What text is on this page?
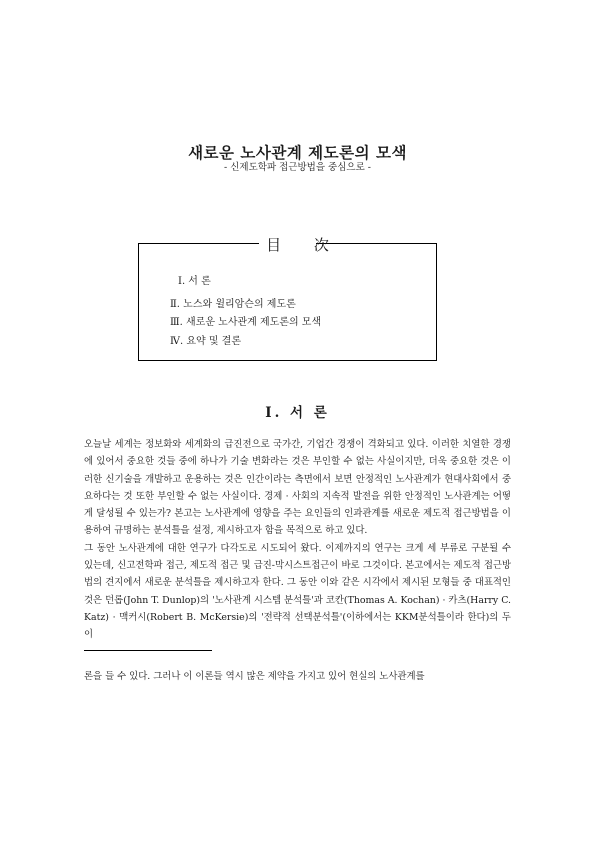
새로운 노사관계 제도론의 모색
- 신제도학파 접근방법을 중심으로 -
目 次
Ⅰ. 서 론
Ⅱ. 노스와 윌리암슨의 제도론
Ⅲ. 새로운 노사관계 제도론의 모색
Ⅳ. 요약 및 결론
Ⅰ. 서 론

오늘날 세계는 정보화와 세계화의 급진전으로 국가간, 기업간 경쟁이 격화되고 있다. 이러한 치열한 경쟁에 있어서 중요한 것들 중에 하나가 기술 변화라는 것은 부인할 수 없는 사실이지만, 더욱 중요한 것은 이러한 신기술을 개발하고 운용하는 것은 인간이라는 측면에서 보면 안정적인 노사관계가 현대사회에서 중요하다는 것 또한 부인할 수 없는 사실이다. 경제 · 사회의 지속적 발전을 위한 안정적인 노사관계는 어떻게 달성될 수 있는가? 본고는 노사관계에 영향을 주는 요인들의 인과관계를 새로운 제도적 접근방법을 이용하여 규명하는 분석틀을 설정, 제시하고자 함을 목적으로 하고 있다.

그 동안 노사관계에 대한 연구가 다각도로 시도되어 왔다. 이제까지의 연구는 크게 세 부류로 구분될 수 있는데, 신고전학파 접근, 제도적 접근 및 급진-막시스트접근이 바로 그것이다. 본고에서는 제도적 접근방법의 견지에서 새로운 분석틀을 제시하고자 한다. 그 동안 이와 같은 시각에서 제시된 모형들 중 대표적인 것은 던롭(John T. Dunlop)의 '노사관계 시스템 분석틀'과 코칸(Thomas A. Kochan) · 카츠(Harry C. Katz) · 맥커시(Robert B. McKersie)의 '전략적 선택분석틀'(이하에서는 KKM분석틀이라 한다)의 두 이

론을 들 수 있다. 그러나 이 이론들 역시 많은 제약을 가지고 있어 현실의 노사관계를
